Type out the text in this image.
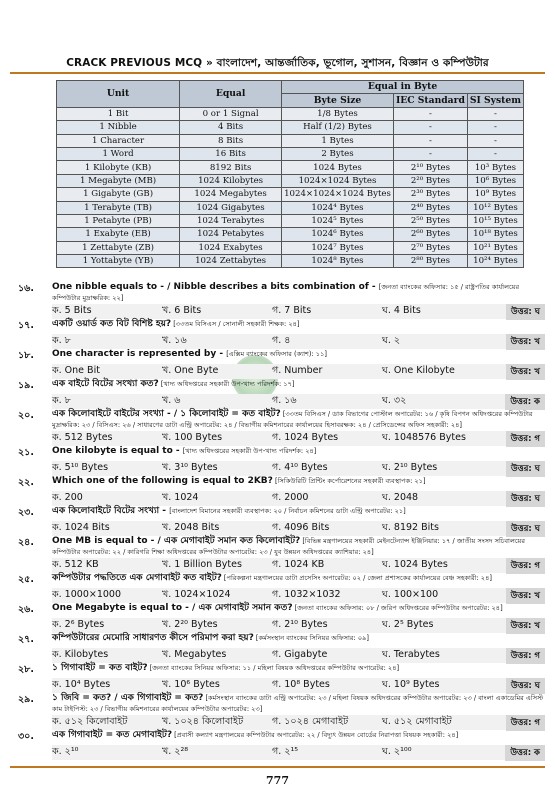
CRACK PREVIOUS MCQ » বাংলাদেশ, আন্তর্জাতিক, ভূগোল, সুশাসন, বিজ্ঞান ও কম্পিউটার
Unit	Equal	Equal in Byte		
		Byte Size	IEC Standard	SI System
1 Bit	0 or 1 Signal	1/8 Bytes	-	-
1 Nibble	4 Bits	Half (1/2) Bytes	-	-
1 Character	8 Bits	1 Bytes	-	-
1 Word	16 Bits	2 Bytes	-	-
1 Kilobyte (KB)	8192 Bits	1024 Bytes	2¹⁰ Bytes	10³ Bytes
1 Megabyte (MB)	1024 Kilobytes	1024×1024 Bytes	2²⁰ Bytes	10⁶ Bytes
1 Gigabyte (GB)	1024 Megabytes	1024×1024×1024 Bytes	2³⁰ Bytes	10⁹ Bytes
1 Terabyte (TB)	1024 Gigabytes	1024⁴ Bytes	2⁴⁰ Bytes	10¹² Bytes
1 Petabyte (PB)	1024 Terabytes	1024⁵ Bytes	2⁵⁰ Bytes	10¹⁵ Bytes
1 Exabyte (EB)	1024 Petabytes	1024⁶ Bytes	2⁶⁰ Bytes	10¹⁸ Bytes
1 Zettabyte (ZB)	1024 Exabytes	1024⁷ Bytes	2⁷⁰ Bytes	10²¹ Bytes
1 Yottabyte (YB)	1024 Zettabytes	1024⁸ Bytes	2⁸⁰ Bytes	10²⁴ Bytes
১৬.	One nibble equals to - / Nibble describes a bits combination of - [জনতা ব্যাংকের অফিসার: ১৫ / রাষ্ট্রপতির কার্যালয়ের কম্পিউটার মুদ্রাক্ষরিক: ২২]
ক. 5 Bits	খ. 6 Bits	গ. 7 Bits	ঘ. 4 Bits	উত্তর: ঘ
১৭.	একটি ওয়ার্ড কত বিট বিশিষ্ট হয়? [৩৩তম বিসিএস / সোনালী সহকারী শিক্ষক: ২৪]
ক. ৮	খ. ১৬	গ. ৪	ঘ. ২	উত্তর: খ
১৮.	One character is represented by - [এক্সিম ব্যাংকের অফিসার (ক্যাশ): ১১]
ক. One Bit	খ. One Byte	গ. Number	ঘ. One Kilobyte	উত্তর: খ
১৯.	এক বাইটে বিটের সংখ্যা কত? [খাদ্য অধিদপ্তরের সহকারী উপ-খাদ্য পরিদর্শক: ১৭]
ক. ৮	খ. ৬	গ. ১৬	ঘ. ৩২	উত্তর: ক
২০.	এক কিলোবাইটে বাইটের সংখ্যা - / ১ কিলোবাইট = কত বাইট? [৩৩তম বিসিএস / ডাক বিভাগের পোস্টাল অপারেটর: ১৬ / কৃষি বিপণন অধিদপ্তরের কম্পিউটার মুদ্রাক্ষরিক: ২৩ / বিসিএস: ২৬ / সাধারণের ডাটা এন্ট্রি অপারেটর: ২৪ / বিভাগীয় কমিশনারের কার্যালয়ের হিসাবরক্ষক: ২৪ / প্রেসিডেন্সের অফিস সহকারী: ২৪]
ক. 512 Bytes	খ. 100 Bytes	গ. 1024 Bytes	ঘ. 1048576 Bytes	উত্তর: গ
২১.	One kilobyte is equal to - [খাদ্য অধিদপ্তরের সহকারী উপ-খাদ্য পরিদর্শক: ২৪]
ক. 5¹⁰ Bytes	খ. 3¹⁰ Bytes	গ. 4¹⁰ Bytes	ঘ. 2¹⁰ Bytes	উত্তর: ঘ
২২.	Which one of the following is equal to 2KB? [সিকিউরিটি প্রিন্টিং কর্পোরেশনের সহকারী ব্যবস্থাপক: ২১]
ক. 200	খ. 1024	গ. 2000	ঘ. 2048	উত্তর: ঘ
২৩.	এক কিলোবাইটে বিটের সংখ্যা - [বাংলাদেশ বিমানের সহকারী ব্যবস্থাপক: ২০ / নির্বাচন কমিশনের ডাটা এন্ট্রি অপারেটর: ২১]
ক. 1024 Bits	খ. 2048 Bits	গ. 4096 Bits	ঘ. 8192 Bits	উত্তর: ঘ
২৪.	One MB is equal to - / এক মেগাবাইট সমান কত কিলোবাইট? [বিভিন্ন মন্ত্রণালয়ের সহকারী মেইনটেন্যান্স ইঞ্জিনিয়ার: ১৭ / জাতীয় সংসদ সচিবালয়ের কম্পিউটার অপারেটর: ২২ / কারিগরি শিক্ষা অধিদপ্তরের কম্পিউটার অপারেটর: ২৩ / যুব উন্নয়ন অধিদপ্তরের ক্যাশিয়ার: ২৪]
ক. 512 KB	খ. 1 Billion Bytes	গ. 1024 KB	ঘ. 1024 Bytes	উত্তর: গ
২৫.	কম্পিউটার পদ্ধতিতে এক মেগাবাইট কত বাইট? [পরিকল্পনা মন্ত্রণালয়ের ডাটা প্রসেসিং অপারেটর: ০২ / জেলা প্রশাসকের কার্যালয়ের বেঞ্চ সহকারী: ২৪]
ক. 1000×1000	খ. 1024×1024	গ. 1032×1032	ঘ. 100×100	উত্তর: খ
২৬.	One Megabyte is equal to - / এক মেগাবাইট সমান কত? [জনতা ব্যাংকের অফিসার: ০৮ / জরিপ অধিদপ্তরের কম্পিউটার অপারেটর: ২৪]
ক. 2⁶ Bytes	খ. 2²⁰ Bytes	গ. 2¹⁰ Bytes	ঘ. 2⁵ Bytes	উত্তর: খ
২৭.	কম্পিউটারের মেমোরি সাধারণত কীসে পরিমাপ করা হয়? [কর্মসংস্থান ব্যাংকের সিনিয়র অফিসার: ০৯]
ক. Kilobytes	খ. Megabytes	গ. Gigabyte	ঘ. Terabytes	উত্তর: গ
২৮.	১ গিগাবাইট = কত বাইট? [জনতা ব্যাংকের সিনিয়র অফিসার: ১১ / মহিলা বিষয়ক অধিদপ্তরের কম্পিউটার অপারেটর: ২৪]
ক. 10⁴ Bytes	খ. 10⁶ Bytes	গ. 10⁸ Bytes	ঘ. 10⁹ Bytes	উত্তর: ঘ
২৯.	১ জিবি = কত? / এক গিগাবাইট = কত? [কর্মসংস্থান ব্যাংকের ডাটা এন্ট্রি অপারেটর: ২৩ / মহিলা বিষয়ক অধিদপ্তরের কম্পিউটার অপারেটর: ২৩ / বাংলা একাডেমির এসিস্ট কাম টাইপিস্ট: ২৩ / বিভাগীয় কমিশনারের কার্যালয়ের কম্পিউটার অপারেটর: ২৩]
ক. ৫১২ কিলোবাইট	খ. ১০২৪ কিলোবাইট	গ. ১০২৪ মেগাবাইট	ঘ. ৫১২ মেগাবাইট	উত্তর: গ
৩০.	এক গিগাবাইট = কত মেগাবাইট? [প্রবাসী কল্যাণ মন্ত্রণালয়ের কম্পিউটার অপারেটর: ২২ / বিদ্যুৎ উন্নয়ন বোর্ডের নিরাপত্তা বিষয়ক সহকারী: ২৪]
ক. ২¹⁰	খ. ২²⁸	গ. ২¹⁵	ঘ. ২¹⁰⁰	উত্তর: ক
777
